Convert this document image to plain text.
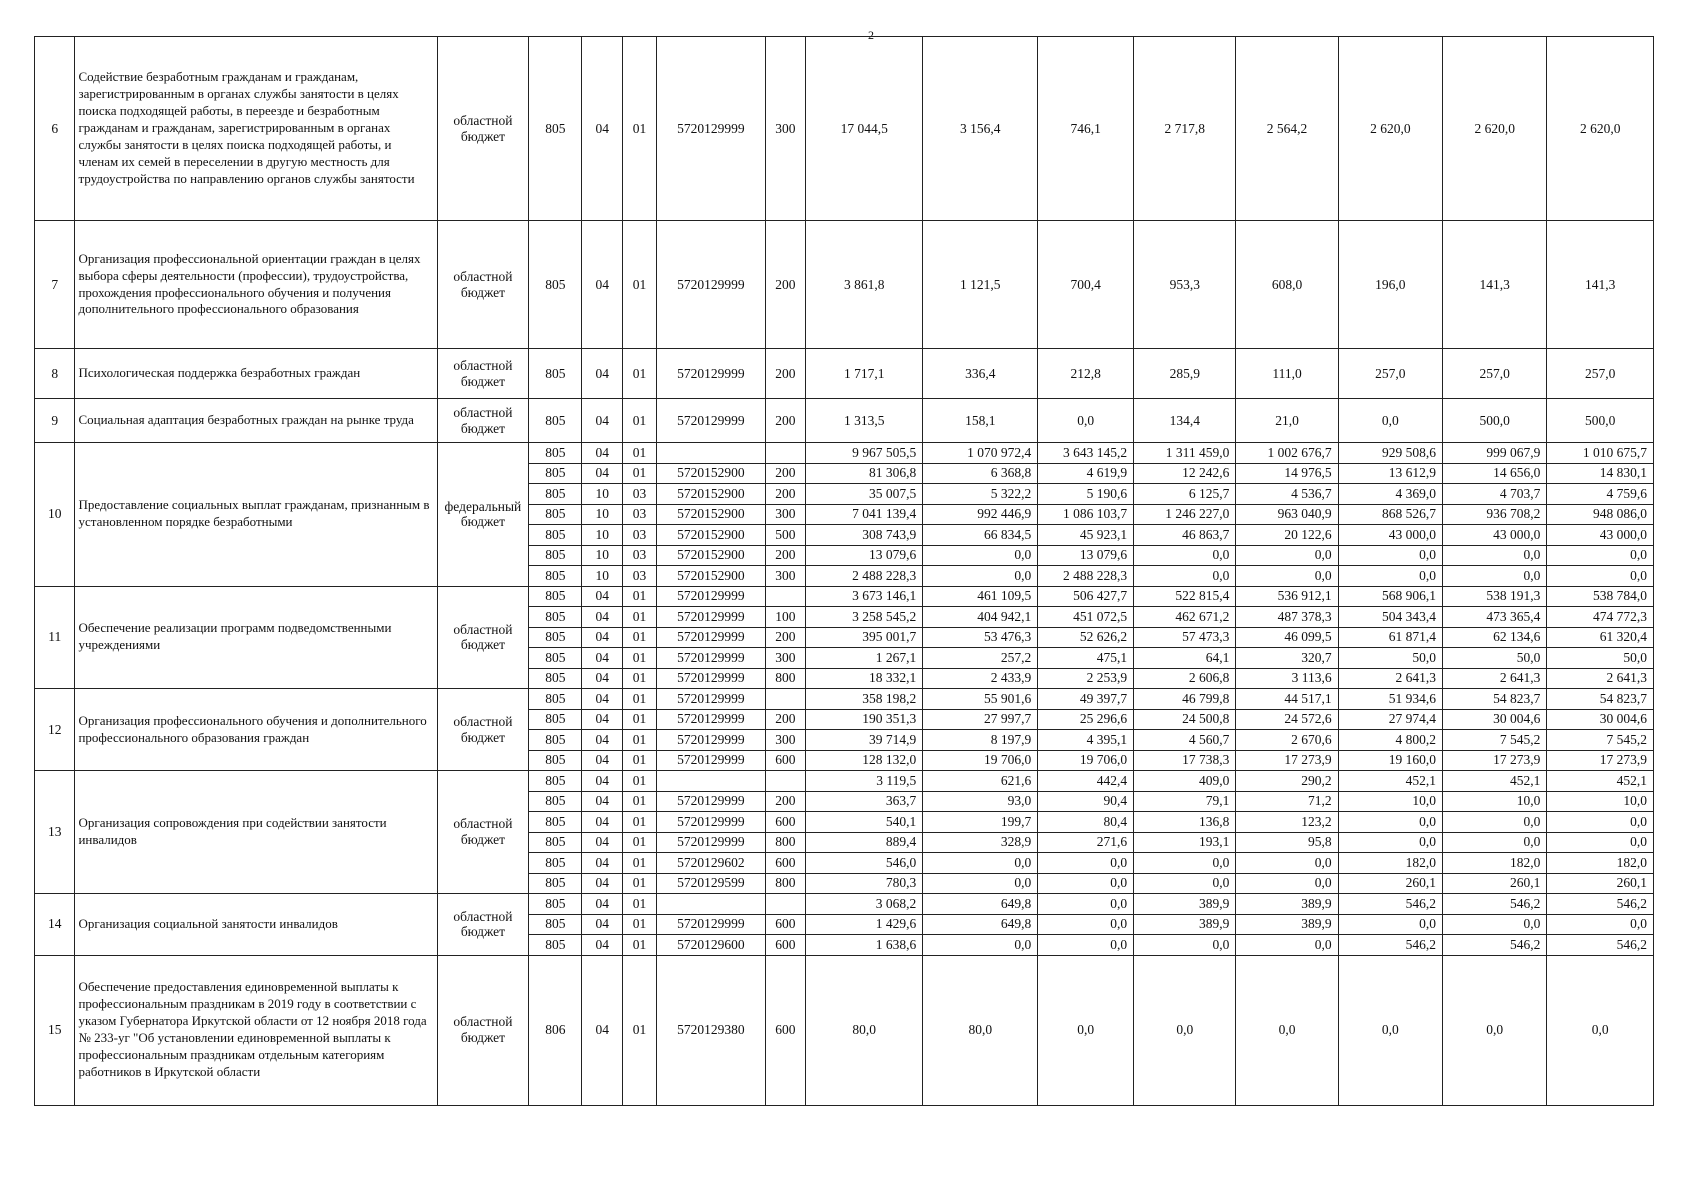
2
6	Содействие безработным гражданам и гражданам, зарегистрированным в органах службы занятости в целях поиска подходящей работы, в переезде и безработным гражданам и гражданам, зарегистрированным в органах службы занятости в целях поиска подходящей работы, и членам их семей в переселении в другую местность для трудоустройства по направлению органов службы занятости	областной бюджет	805	04	01	5720129999	300	17 044,5	3 156,4	746,1	2 717,8	2 564,2	2 620,0	2 620,0	2 620,0
7	Организация профессиональной ориентации граждан в целях выбора сферы деятельности (профессии), трудоустройства, прохождения профессионального обучения и получения дополнительного профессионального образования	областной бюджет	805	04	01	5720129999	200	3 861,8	1 121,5	700,4	953,3	608,0	196,0	141,3	141,3
8	Психологическая поддержка безработных граждан	областной бюджет	805	04	01	5720129999	200	1 717,1	336,4	212,8	285,9	111,0	257,0	257,0	257,0
9	Социальная адаптация безработных граждан на рынке труда	областной бюджет	805	04	01	5720129999	200	1 313,5	158,1	0,0	134,4	21,0	0,0	500,0	500,0
10	Предоставление социальных выплат гражданам, признанным в установленном порядке безработными	федеральный бюджет	805	04	01			9 967 505,5	1 070 972,4	3 643 145,2	1 311 459,0	1 002 676,7	929 508,6	999 067,9	1 010 675,7
			805	04	01	5720152900	200	81 306,8	6 368,8	4 619,9	12 242,6	14 976,5	13 612,9	14 656,0	14 830,1
			805	10	03	5720152900	200	35 007,5	5 322,2	5 190,6	6 125,7	4 536,7	4 369,0	4 703,7	4 759,6
			805	10	03	5720152900	300	7 041 139,4	992 446,9	1 086 103,7	1 246 227,0	963 040,9	868 526,7	936 708,2	948 086,0
			805	10	03	5720152900	500	308 743,9	66 834,5	45 923,1	46 863,7	20 122,6	43 000,0	43 000,0	43 000,0
			805	10	03	5720152900	200	13 079,6	0,0	13 079,6	0,0	0,0	0,0	0,0	0,0
			805	10	03	5720152900	300	2 488 228,3	0,0	2 488 228,3	0,0	0,0	0,0	0,0	0,0
11	Обеспечение реализации программ подведомственными учреждениями	областной бюджет	805	04	01	5720129999		3 673 146,1	461 109,5	506 427,7	522 815,4	536 912,1	568 906,1	538 191,3	538 784,0
			805	04	01	5720129999	100	3 258 545,2	404 942,1	451 072,5	462 671,2	487 378,3	504 343,4	473 365,4	474 772,3
			805	04	01	5720129999	200	395 001,7	53 476,3	52 626,2	57 473,3	46 099,5	61 871,4	62 134,6	61 320,4
			805	04	01	5720129999	300	1 267,1	257,2	475,1	64,1	320,7	50,0	50,0	50,0
			805	04	01	5720129999	800	18 332,1	2 433,9	2 253,9	2 606,8	3 113,6	2 641,3	2 641,3	2 641,3
12	Организация профессионального обучения и дополнительного профессионального образования граждан	областной бюджет	805	04	01	5720129999		358 198,2	55 901,6	49 397,7	46 799,8	44 517,1	51 934,6	54 823,7	54 823,7
			805	04	01	5720129999	200	190 351,3	27 997,7	25 296,6	24 500,8	24 572,6	27 974,4	30 004,6	30 004,6
			805	04	01	5720129999	300	39 714,9	8 197,9	4 395,1	4 560,7	2 670,6	4 800,2	7 545,2	7 545,2
			805	04	01	5720129999	600	128 132,0	19 706,0	19 706,0	17 738,3	17 273,9	19 160,0	17 273,9	17 273,9
13	Организация сопровождения при содействии занятости инвалидов	областной бюджет	805	04	01			3 119,5	621,6	442,4	409,0	290,2	452,1	452,1	452,1
			805	04	01	5720129999	200	363,7	93,0	90,4	79,1	71,2	10,0	10,0	10,0
			805	04	01	5720129999	600	540,1	199,7	80,4	136,8	123,2	0,0	0,0	0,0
			805	04	01	5720129999	800	889,4	328,9	271,6	193,1	95,8	0,0	0,0	0,0
			805	04	01	5720129602	600	546,0	0,0	0,0	0,0	0,0	182,0	182,0	182,0
			805	04	01	5720129599	800	780,3	0,0	0,0	0,0	0,0	260,1	260,1	260,1
14	Организация социальной занятости инвалидов	областной бюджет	805	04	01			3 068,2	649,8	0,0	389,9	389,9	546,2	546,2	546,2
			805	04	01	5720129999	600	1 429,6	649,8	0,0	389,9	389,9	0,0	0,0	0,0
			805	04	01	5720129600	600	1 638,6	0,0	0,0	0,0	0,0	546,2	546,2	546,2
15	Обеспечение предоставления единовременной выплаты к профессиональным праздникам в 2019 году в соответствии с указом Губернатора Иркутской области от 12 ноября 2018 года № 233-уг "Об установлении единовременной выплаты к профессиональным праздникам отдельным категориям работников в Иркутской области	областной бюджет	806	04	01	5720129380	600	80,0	80,0	0,0	0,0	0,0	0,0	0,0	0,0
